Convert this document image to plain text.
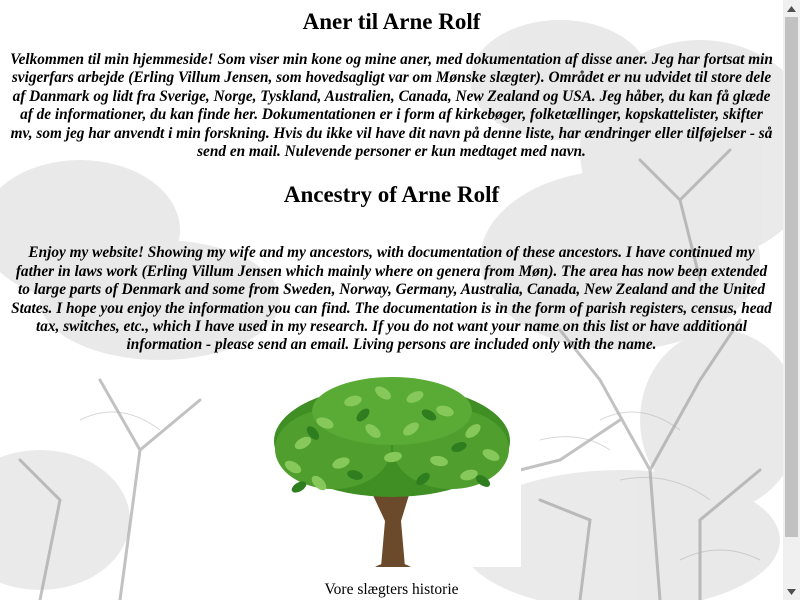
Aner til Arne Rolf

Velkommen til min hjemmeside! Som viser min kone og mine aner, med dokumentation af disse aner. Jeg har fortsat min svigerfars arbejde (Erling Villum Jensen, som hovedsagligt var om Mønske slægter). Området er nu udvidet til store dele af Danmark og lidt fra Sverige, Norge, Tyskland, Australien, Canada, New Zealand og USA. Jeg håber, du kan få glæde af de informationer, du kan finde her. Dokumentationen er i form af kirkebøger, folketællinger, kopskattelister, skifter mv, som jeg har anvendt i min forskning. Hvis du ikke vil have dit navn på denne liste, har ændringer eller tilføjelser - så send en mail. Nulevende personer er kun medtaget med navn.

Ancestry of Arne Rolf

Enjoy my website! Showing my wife and my ancestors, with documentation of these ancestors. I have continued my father in laws work (Erling Villum Jensen which mainly where on genera from Møn). The area has now been extended to large parts of Denmark and some from Sweden, Norway, Germany, Australia, Canada, New Zealand and the United States. I hope you enjoy the information you can find. The documentation is in the form of parish registers, census, head tax, switches, etc., which I have used in my research. If you do not want your name on this list or have additional information - please send an email. Living persons are included only with the name.

Vore slægters historie
